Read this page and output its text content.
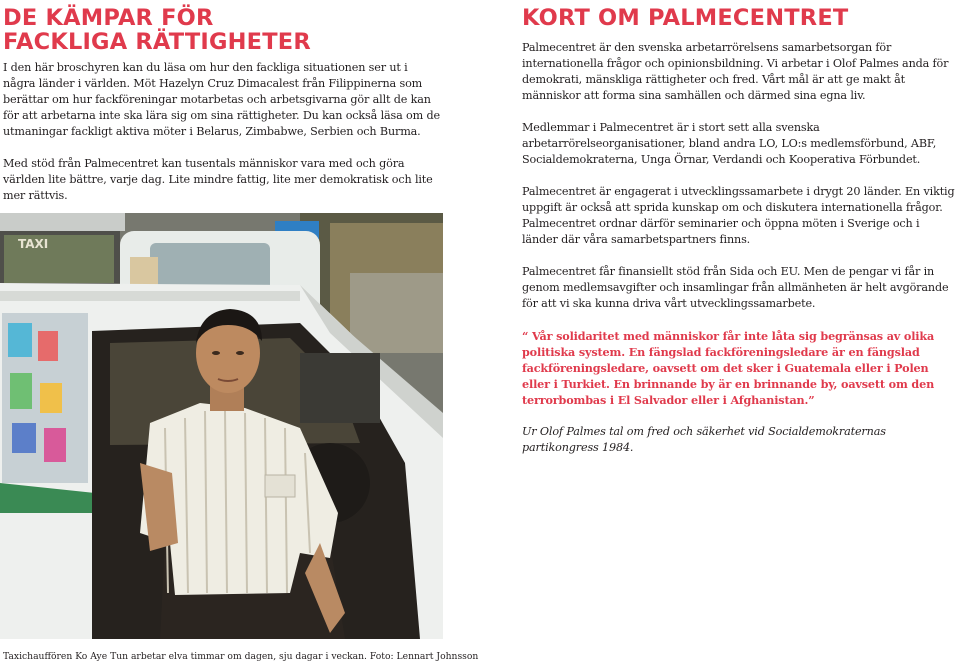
DE KÄMPAR FÖR FACKLIGA RÄTTIGHETER

I den här broschyren kan du läsa om hur den fackliga situationen ser ut i några länder i världen. Möt Hazelyn Cruz Dimacalest från Filippinerna som berättar om hur fackföreningar motarbetas och arbetsgivarna gör allt de kan för att arbetarna inte ska lära sig om sina rättigheter. Du kan också läsa om de utmaningar fackligt aktiva möter i Belarus, Zimbabwe, Serbien och Burma.

Med stöd från Palmecentret kan tusentals människor vara med och göra världen lite bättre, varje dag. Lite mindre fattig, lite mer demokratisk och lite mer rättvis.

TAXI
Taxichauffören Ko Aye Tun arbetar elva timmar om dagen, sju dagar i veckan. Foto: Lennart Johnsson
KORT OM PALMECENTRET

Palmecentret är den svenska arbetarrörelsens samarbetsorgan för internationella frågor och opinionsbildning. Vi arbetar i Olof Palmes anda för demokrati, mänskliga rättigheter och fred. Vårt mål är att ge makt åt människor att forma sina samhällen och därmed sina egna liv.

Medlemmar i Palmecentret är i stort sett alla svenska arbetarrörelseorganisationer, bland andra LO, LO:s medlemsförbund, ABF, Socialdemokraterna, Unga Örnar, Verdandi och Kooperativa Förbundet.

Palmecentret är engagerat i utvecklingssamarbete i drygt 20 länder. En viktig uppgift är också att sprida kunskap om och diskutera internationella frågor. Palmecentret ordnar därför seminarier och öppna möten i Sverige och i länder där våra samarbetspartners finns.

Palmecentret får finansiellt stöd från Sida och EU. Men de pengar vi får in genom medlemsavgifter och insamlingar från allmänheten är helt avgörande för att vi ska kunna driva vårt utvecklingssamarbete.

“ Vår solidaritet med människor får inte låta sig begränsas av olika politiska system. En fängslad fackföreningsledare är en fängslad fackföreningsledare, oavsett om det sker i Guatemala eller i Polen eller i Turkiet. En brinnande by är en brinnande by, oavsett om den terrorbombas i El Salvador eller i Afghanistan.”

Ur Olof Palmes tal om fred och säkerhet vid Socialdemokraternas partikongress 1984.
